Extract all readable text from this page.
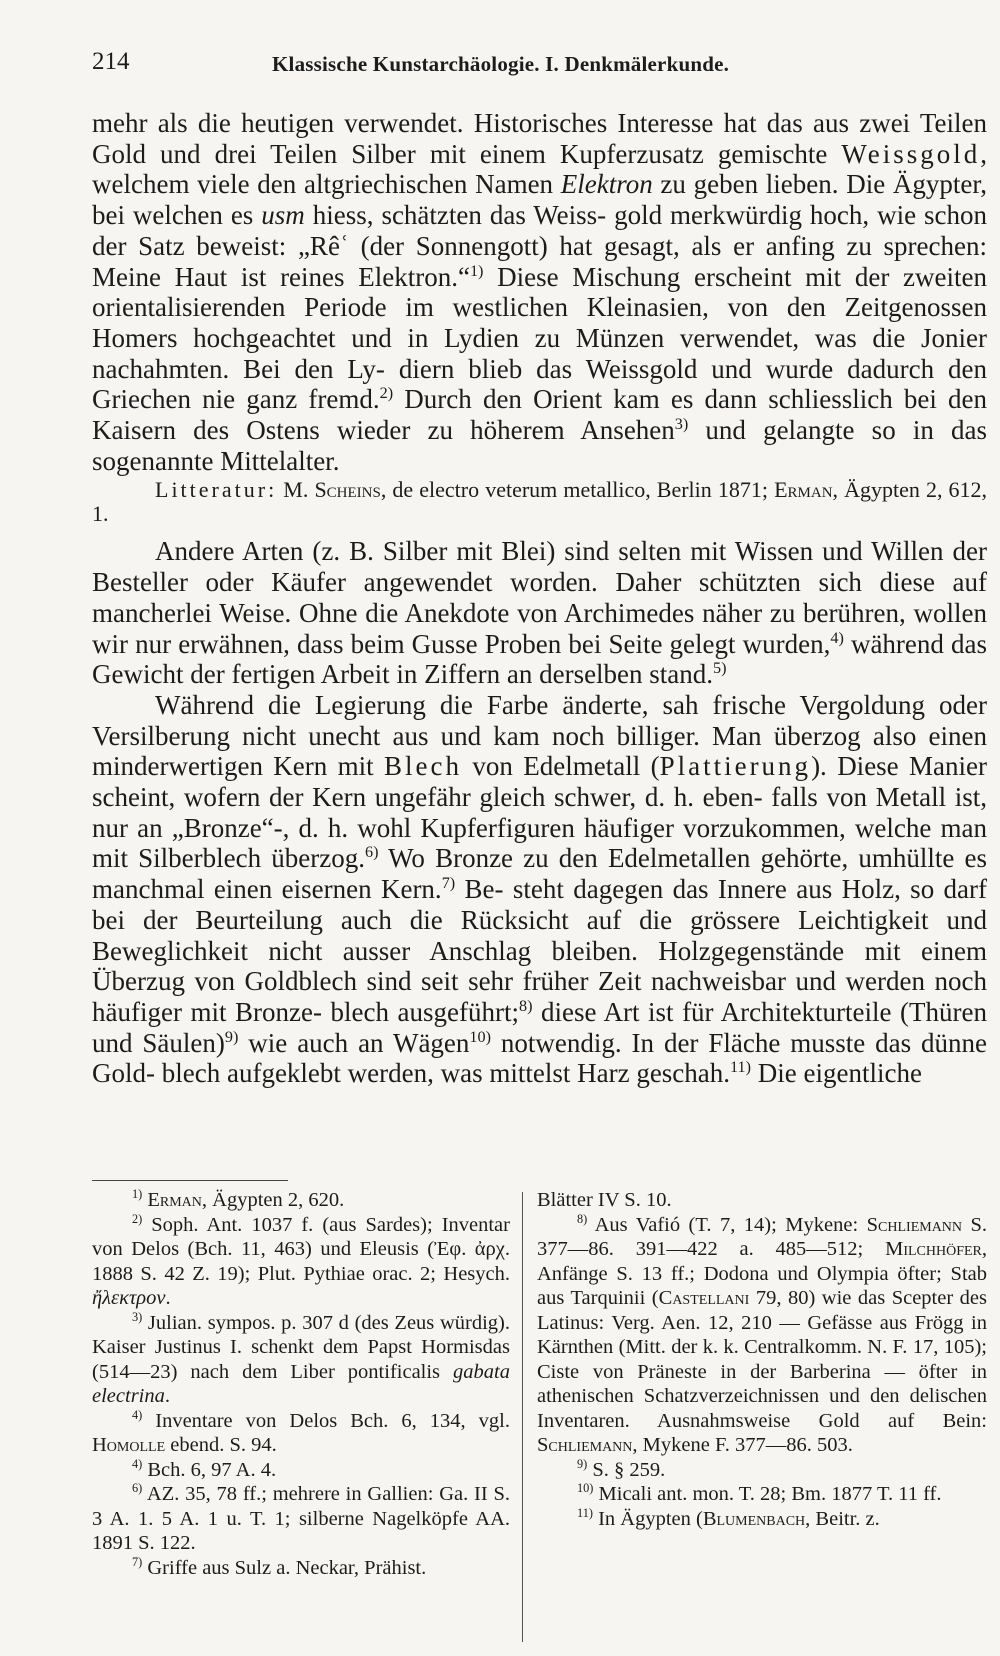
214	Klassische Kunstarchäologie. I. Denkmälerkunde.

mehr als die heutigen verwendet. Historisches Interesse hat das aus zwei Teilen Gold und drei Teilen Silber mit einem Kupferzusatz gemischte Weissgold, welchem viele den altgriechischen Namen Elektron zu geben lieben. Die Ägypter, bei welchen es usm hiess, schätzten das Weiss- gold merkwürdig hoch, wie schon der Satz beweist: „Rêʿ (der Sonnengott) hat gesagt, als er anfing zu sprechen: Meine Haut ist reines Elektron.“$^{1)}$ Diese Mischung erscheint mit der zweiten orientalisierenden Periode im westlichen Kleinasien, von den Zeitgenossen Homers hochgeachtet und in Lydien zu Münzen verwendet, was die Jonier nachahmten. Bei den Ly- diern blieb das Weissgold und wurde dadurch den Griechen nie ganz fremd.$^{2)}$ Durch den Orient kam es dann schliesslich bei den Kaisern des Ostens wieder zu höherem Ansehen$^{3)}$ und gelangte so in das sogenannte Mittelalter.

Litteratur: M. Scheins, de electro veterum metallico, Berlin 1871; Erman, Ägypten 2, 612, 1.

Andere Arten (z. B. Silber mit Blei) sind selten mit Wissen und Willen der Besteller oder Käufer angewendet worden. Daher schützten sich diese auf mancherlei Weise. Ohne die Anekdote von Archimedes näher zu berühren, wollen wir nur erwähnen, dass beim Gusse Proben bei Seite gelegt wurden,$^{4)}$ während das Gewicht der fertigen Arbeit in Ziffern an derselben stand.$^{5)}$

Während die Legierung die Farbe änderte, sah frische Vergoldung oder Versilberung nicht unecht aus und kam noch billiger. Man überzog also einen minderwertigen Kern mit Blech von Edelmetall (Plattierung). Diese Manier scheint, wofern der Kern ungefähr gleich schwer, d. h. eben- falls von Metall ist, nur an „Bronze“-, d. h. wohl Kupferfiguren häufiger vorzukommen, welche man mit Silberblech überzog.$^{6)}$ Wo Bronze zu den Edelmetallen gehörte, umhüllte es manchmal einen eisernen Kern.$^{7)}$ Be- steht dagegen das Innere aus Holz, so darf bei der Beurteilung auch die Rücksicht auf die grössere Leichtigkeit und Beweglichkeit nicht ausser Anschlag bleiben. Holzgegenstände mit einem Überzug von Goldblech sind seit sehr früher Zeit nachweisbar und werden noch häufiger mit Bronze- blech ausgeführt;$^{8)}$ diese Art ist für Architekturteile (Thüren und Säulen)$^{9)}$ wie auch an Wägen$^{10)}$ notwendig. In der Fläche musste das dünne Gold- blech aufgeklebt werden, was mittelst Harz geschah.$^{11)}$ Die eigentliche

$^{1)}$ Erman, Ägypten 2, 620.

$^{2)}$ Soph. Ant. 1037 f. (aus Sardes); Inventar von Delos (Bch. 11, 463) und Eleusis (Ἐφ. ἀρχ. 1888 S. 42 Z. 19); Plut. Pythiae orac. 2; Hesych. ἤλεκτρον.

$^{3)}$ Julian. sympos. p. 307 d (des Zeus würdig). Kaiser Justinus I. schenkt dem Papst Hormisdas (514—23) nach dem Liber pontificalis gabata electrina.

$^{4)}$ Inventare von Delos Bch. 6, 134, vgl. Homolle ebend. S. 94.

$^{4)}$ Bch. 6, 97 A. 4.

$^{6)}$ AZ. 35, 78 ff.; mehrere in Gallien: Ga. II S. 3 A. 1. 5 A. 1 u. T. 1; silberne Nagelköpfe AA. 1891 S. 122.

$^{7)}$ Griffe aus Sulz a. Neckar, Prähist.

Blätter IV S. 10.

$^{8)}$ Aus Vafió (T. 7, 14); Mykene: Schliemann S. 377—86. 391—422 a. 485—512; Milchhöfer, Anfänge S. 13 ff.; Dodona und Olympia öfter; Stab aus Tarquinii (Castellani 79, 80) wie das Scepter des Latinus: Verg. Aen. 12, 210 — Gefässe aus Frögg in Kärnthen (Mitt. der k. k. Centralkomm. N. F. 17, 105); Ciste von Präneste in der Barberina — öfter in athenischen Schatzverzeichnissen und den delischen Inventaren. Ausnahmsweise Gold auf Bein: Schliemann, Mykene F. 377—86. 503.

$^{9)}$ S. § 259.

$^{10)}$ Micali ant. mon. T. 28; Bm. 1877 T. 11 ff.

$^{11)}$ In Ägypten (Blumenbach, Beitr. z.
